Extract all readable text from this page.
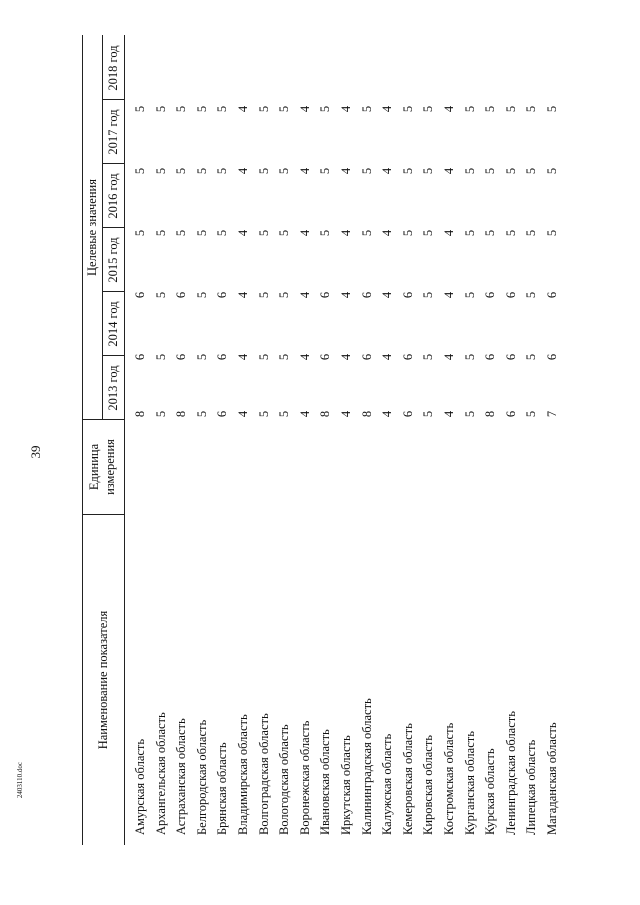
39
2403110.doc
Наименование показателя
Единица измерения
Целевые значения
2013 год
2014 год
2015 год
2016 год
2017 год
2018 год
Амурская область
8
6
6
5
5
5
Архангельская область
5
5
5
5
5
5
Астраханская область
8
6
6
5
5
5
Белгородская область
5
5
5
5
5
5
Брянская область
6
6
6
5
5
5
Владимирская область
4
4
4
4
4
4
Волгоградская область
5
5
5
5
5
5
Вологодская область
5
5
5
5
5
5
Воронежская область
4
4
4
4
4
4
Ивановская область
8
6
6
5
5
5
Иркутская область
4
4
4
4
4
4
Калининградская область
8
6
6
5
5
5
Калужская область
4
4
4
4
4
4
Кемеровская область
6
6
6
5
5
5
Кировская область
5
5
5
5
5
5
Костромская область
4
4
4
4
4
4
Курганская область
5
5
5
5
5
5
Курская область
8
6
6
5
5
5
Ленинградская область
6
6
6
5
5
5
Липецкая область
5
5
5
5
5
5
Магаданская область
7
6
6
5
5
5
